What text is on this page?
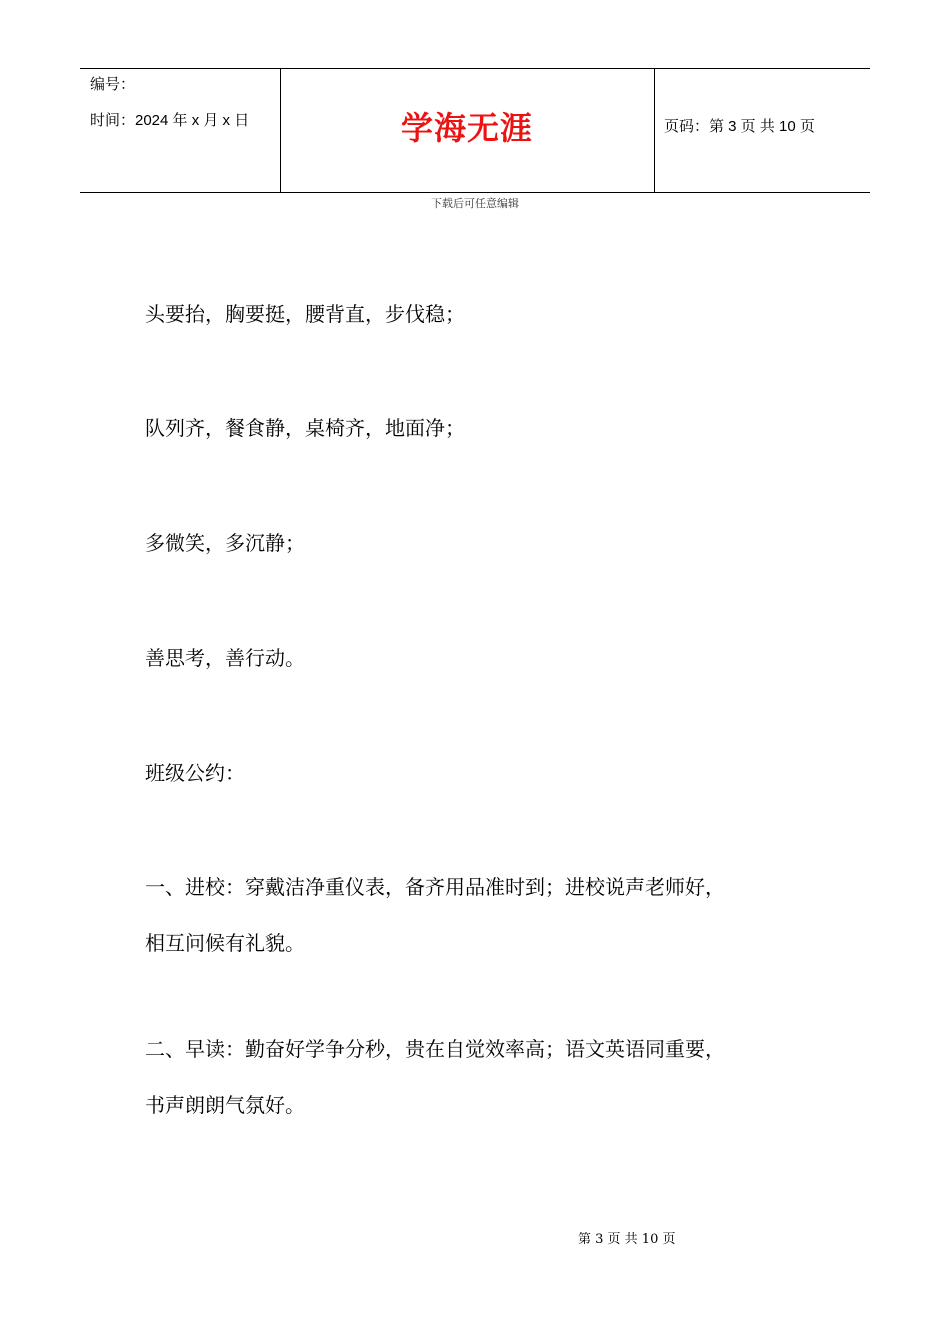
编号：
时间：2024 年 x 月 x 日	学海无涯	页码：第 3 页 共 10 页
下载后可任意编辑
头要抬，胸要挺，腰背直，步伐稳；
队列齐，餐食静，桌椅齐，地面净；
多微笑，多沉静；
善思考，善行动。
班级公约：
一、进校：穿戴洁净重仪表，备齐用品准时到；进校说声老师好，
相互问候有礼貌。
二、早读：勤奋好学争分秒，贵在自觉效率高；语文英语同重要，
书声朗朗气氛好。
第 3 页 共 10 页
